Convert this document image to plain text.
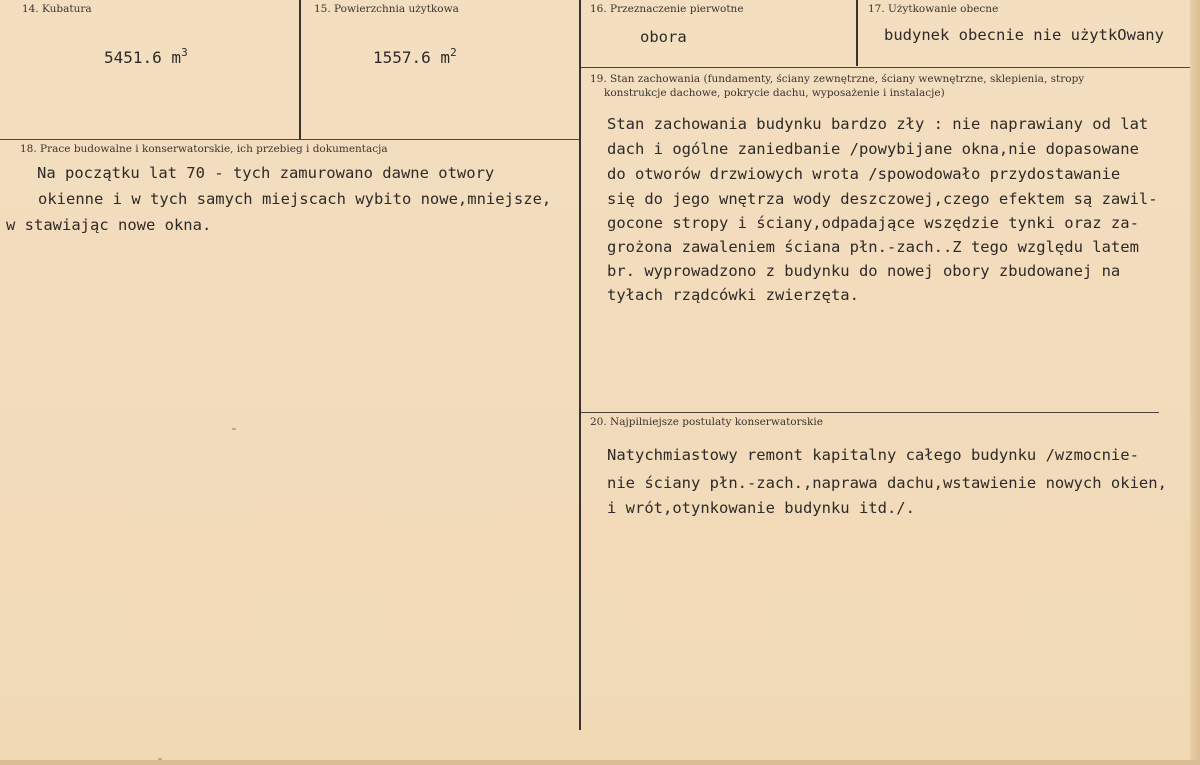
14. Kubatura
5451.6 $m^3$
15. Powierzchnia użytkowa
1557.6 $m^2$
16. Przeznaczenie pierwotne
obora
17. Użytkowanie obecne
budynek obecnie nie użytkOwany
18. Prace budowalne i konserwatorskie, ich przebieg i dokumentacja
Na początku lat 70 - tych zamurowano dawne otwory
okienne i w tych samych miejscach wybito nowe,mniejsze,
w stawiając nowe okna.
19. Stan zachowania (fundamenty, ściany zewnętrzne, ściany wewnętrzne, sklepienia, stropy
konstrukcje dachowe, pokrycie dachu, wyposażenie i instalacje)
Stan zachowania budynku bardzo zły : nie naprawiany od lat
dach i ogólne zaniedbanie /powybijane okna,nie dopasowane
do otworów drzwiowych wrota /spowodowało przydostawanie
się do jego wnętrza wody deszczowej,czego efektem są zawil-
gocone stropy i ściany,odpadające wszędzie tynki oraz za-
grożona zawaleniem ściana płn.-zach..Z tego względu latem
br. wyprowadzono z budynku do nowej obory zbudowanej na
tyłach rządcówki zwierzęta.
20. Najpilniejsze postulaty konserwatorskie
Natychmiastowy remont kapitalny całego budynku /wzmocnie-
nie ściany płn.-zach.,naprawa dachu,wstawienie nowych okien,
i wrót,otynkowanie budynku itd./.
